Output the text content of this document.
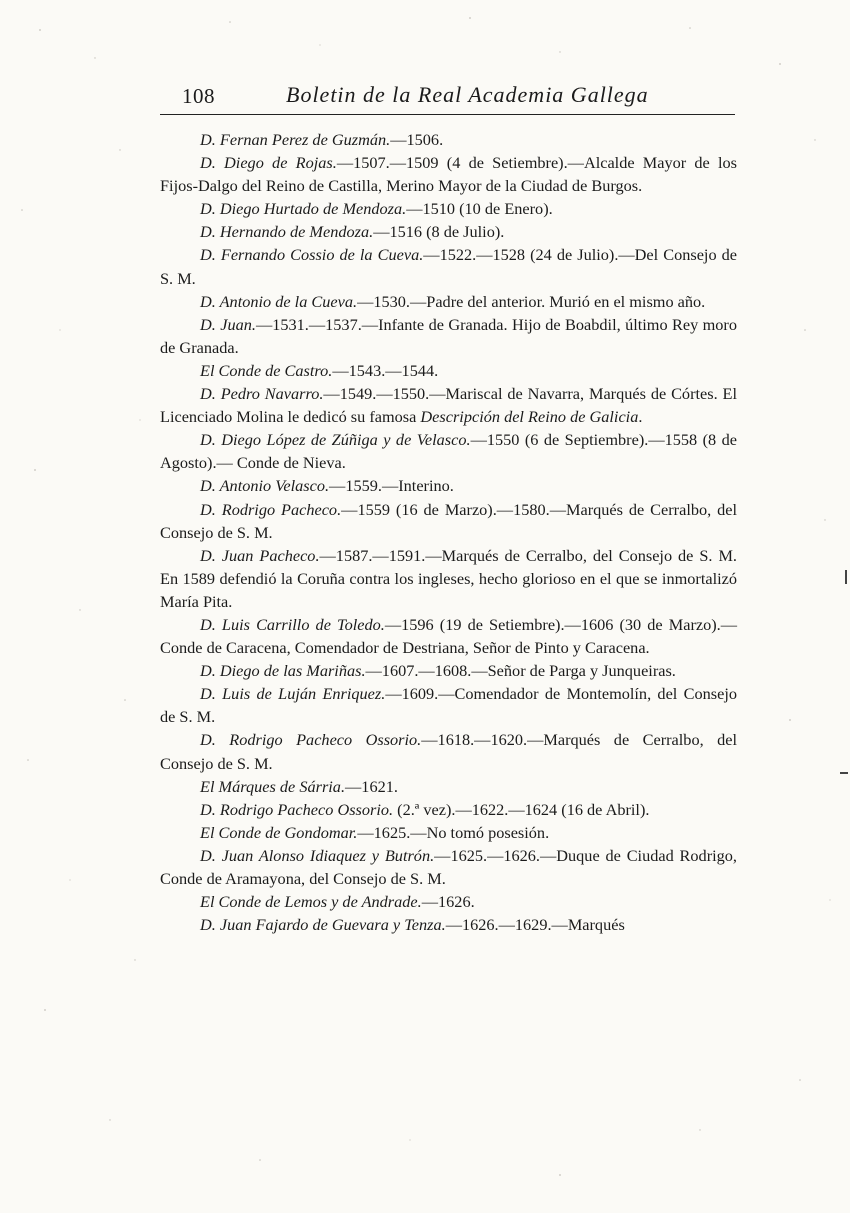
108	Boletin de la Real Academia Gallega

D. Fernan Perez de Guzmán.—1506.

D. Diego de Rojas.—1507.—1509 (4 de Setiembre).—Alcalde Mayor de los Fijos-Dalgo del Reino de Castilla, Merino Mayor de la Ciudad de Burgos.

D. Diego Hurtado de Mendoza.—1510 (10 de Enero).

D. Hernando de Mendoza.—1516 (8 de Julio).

D. Fernando Cossio de la Cueva.—1522.—1528 (24 de Julio).—Del Consejo de S. M.

D. Antonio de la Cueva.—1530.—Padre del anterior. Murió en el mismo año.

D. Juan.—1531.—1537.—Infante de Granada. Hijo de Boabdil, último Rey moro de Granada.

El Conde de Castro.—1543.—1544.

D. Pedro Navarro.—1549.—1550.—Mariscal de Navarra, Marqués de Córtes. El Licenciado Molina le dedicó su famosa Descripción del Reino de Galicia.

D. Diego López de Zúñiga y de Velasco.—1550 (6 de Septiembre).—1558 (8 de Agosto).— Conde de Nieva.

D. Antonio Velasco.—1559.—Interino.

D. Rodrigo Pacheco.—1559 (16 de Marzo).—1580.—Marqués de Cerralbo, del Consejo de S. M.

D. Juan Pacheco.—1587.—1591.—Marqués de Cerralbo, del Consejo de S. M. En 1589 defendió la Coruña contra los ingleses, hecho glorioso en el que se inmortalizó María Pita.

D. Luis Carrillo de Toledo.—1596 (19 de Setiembre).—1606 (30 de Marzo).—Conde de Caracena, Comendador de Destriana, Señor de Pinto y Caracena.

D. Diego de las Mariñas.—1607.—1608.—Señor de Parga y Junqueiras.

D. Luis de Luján Enriquez.—1609.—Comendador de Montemolín, del Consejo de S. M.

D. Rodrigo Pacheco Ossorio.—1618.—1620.—Marqués de Cerralbo, del Consejo de S. M.

El Márques de Sárria.—1621.

D. Rodrigo Pacheco Ossorio. (2.ª vez).—1622.—1624 (16 de Abril).

El Conde de Gondomar.—1625.—No tomó posesión.

D. Juan Alonso Idiaquez y Butrón.—1625.—1626.—Duque de Ciudad Rodrigo, Conde de Aramayona, del Consejo de S. M.

El Conde de Lemos y de Andrade.—1626.

D. Juan Fajardo de Guevara y Tenza.—1626.—1629.—Marqués
